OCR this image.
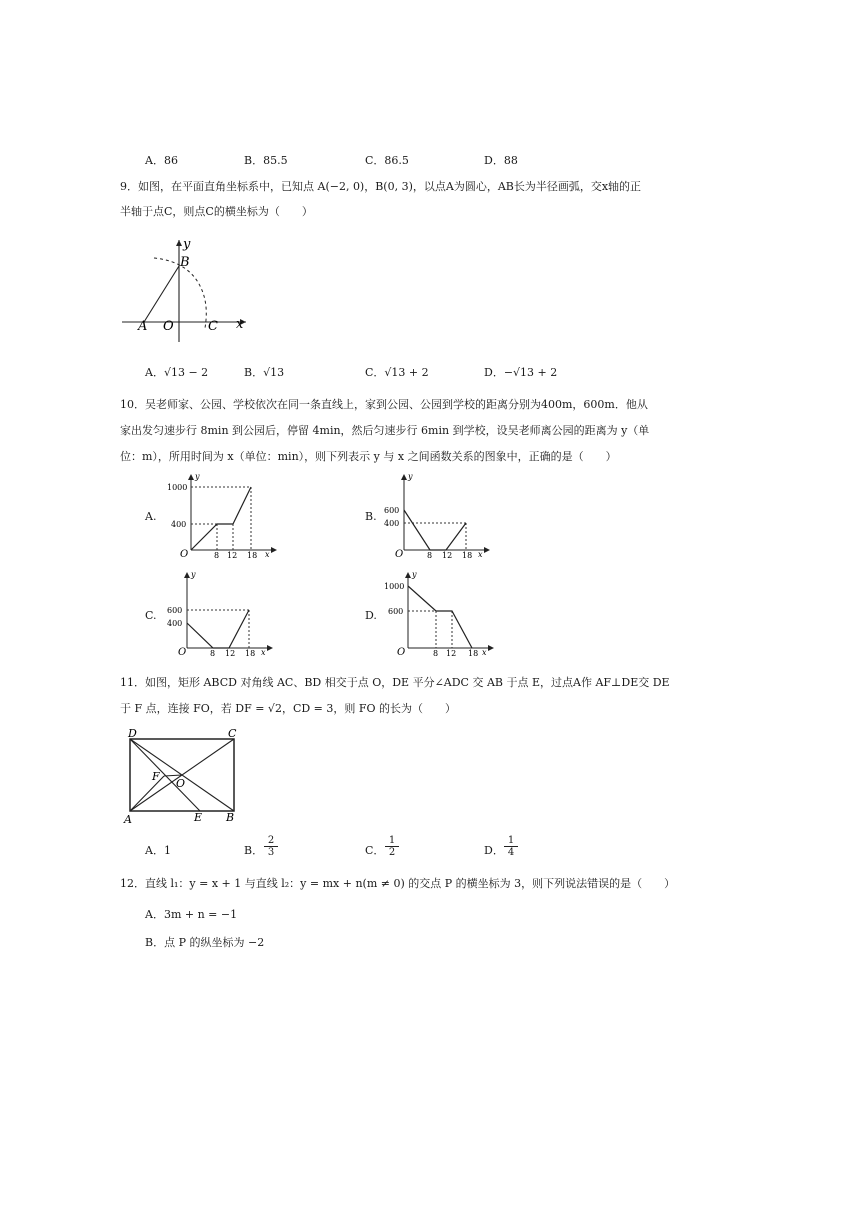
A．86	B．85.5	C．86.5	D．88
9．如图，在平面直角坐标系中，已知点 A(−2, 0)，B(0, 3)，以点A为圆心，AB长为半径画弧，交x轴的正
半轴于点C，则点C的横坐标为（　　）
y
B
x
A O	C
A．√13 − 2	B．√13	C．√13 + 2	D．−√13 + 2
10．吴老师家、公园、学校依次在同一条直线上，家到公园、公园到学校的距离分别为400m，600m．他从
家出发匀速步行 8min 到公园后，停留 4min，然后匀速步行 6min 到学校，设吴老师离公园的距离为 y（单
位：m），所用时间为 x（单位：min），则下列表示 y 与 x 之间函数关系的图象中，正确的是（　　）
A.
1000
400
O	8 12 18 x
y
B. 600
400
O	8 12 18 x
y
C. 600
400
O	8 12 18 x
y
D.
1000
600
O	8 12 18 x
y
11．如图，矩形 ABCD 对角线 AC、BD 相交于点 O，DE 平分∠ADC 交 AB 于点 E，过点A作 AF⊥DE交 DE
于 F 点，连接 FO，若 DF = √2，CD = 3，则 FO 的长为（　　）
D	C
A	B
E
F
O
A．1	B． $\frac{2}{3}$	C． $\frac{1}{2}$	D． $\frac{1}{4}$
12．直线 l₁：y = x + 1 与直线 l₂：y = mx + n(m ≠ 0) 的交点 P 的横坐标为 3，则下列说法错误的是（　　）
A．3m + n = −1
B．点 P 的纵坐标为 −2
